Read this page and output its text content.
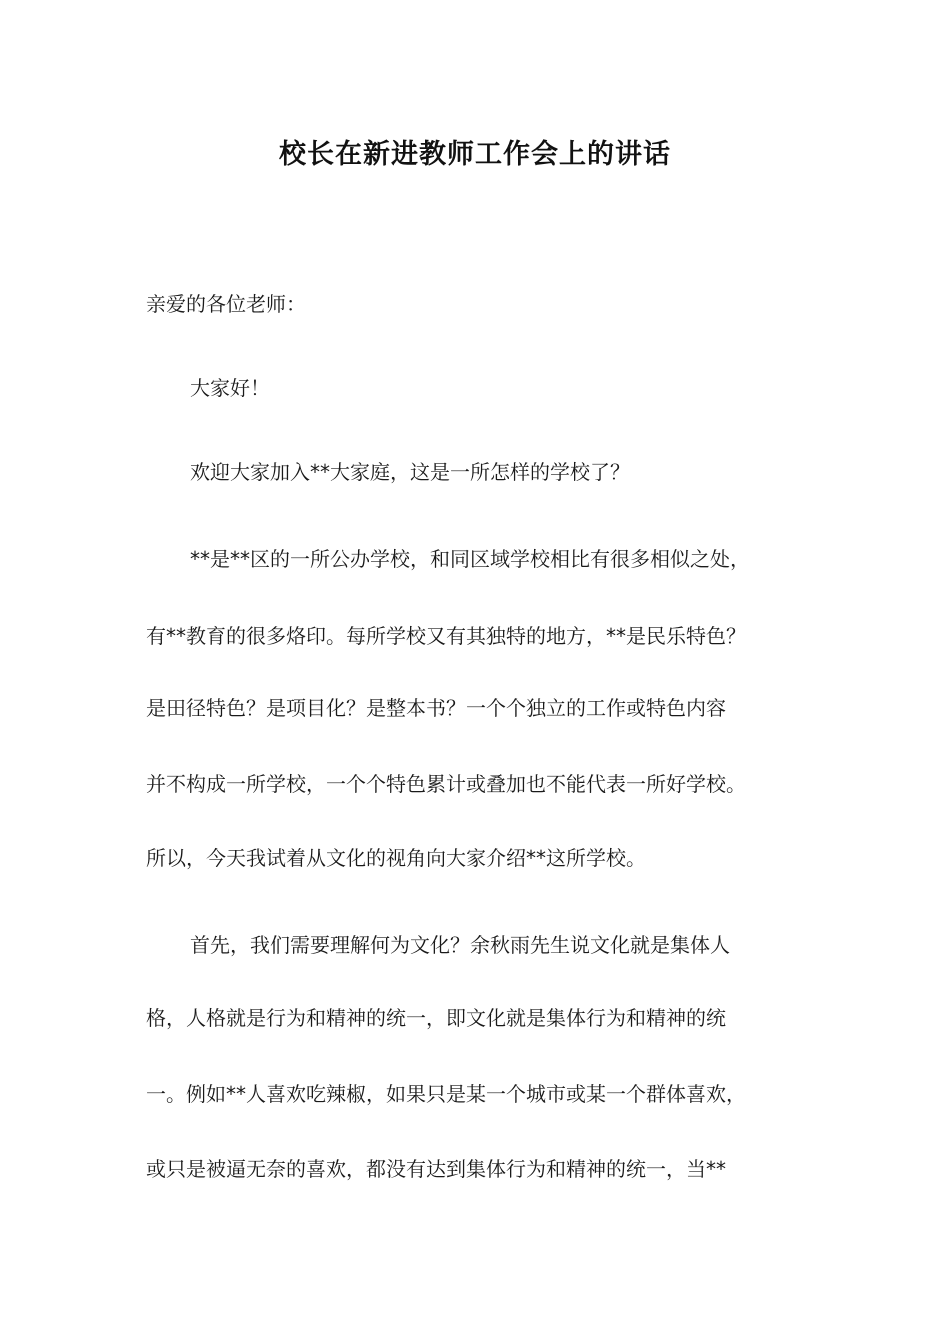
校长在新进教师工作会上的讲话

亲爱的各位老师：

大家好！

欢迎大家加入**大家庭，这是一所怎样的学校了？

**是**区的一所公办学校，和同区域学校相比有很多相似之处，

有**教育的很多烙印。每所学校又有其独特的地方，**是民乐特色？

是田径特色？是项目化？是整本书？一个个独立的工作或特色内容

并不构成一所学校，一个个特色累计或叠加也不能代表一所好学校。

所以，今天我试着从文化的视角向大家介绍**这所学校。

首先，我们需要理解何为文化？余秋雨先生说文化就是集体人

格，人格就是行为和精神的统一，即文化就是集体行为和精神的统

一。例如**人喜欢吃辣椒，如果只是某一个城市或某一个群体喜欢，

或只是被逼无奈的喜欢，都没有达到集体行为和精神的统一，当**
